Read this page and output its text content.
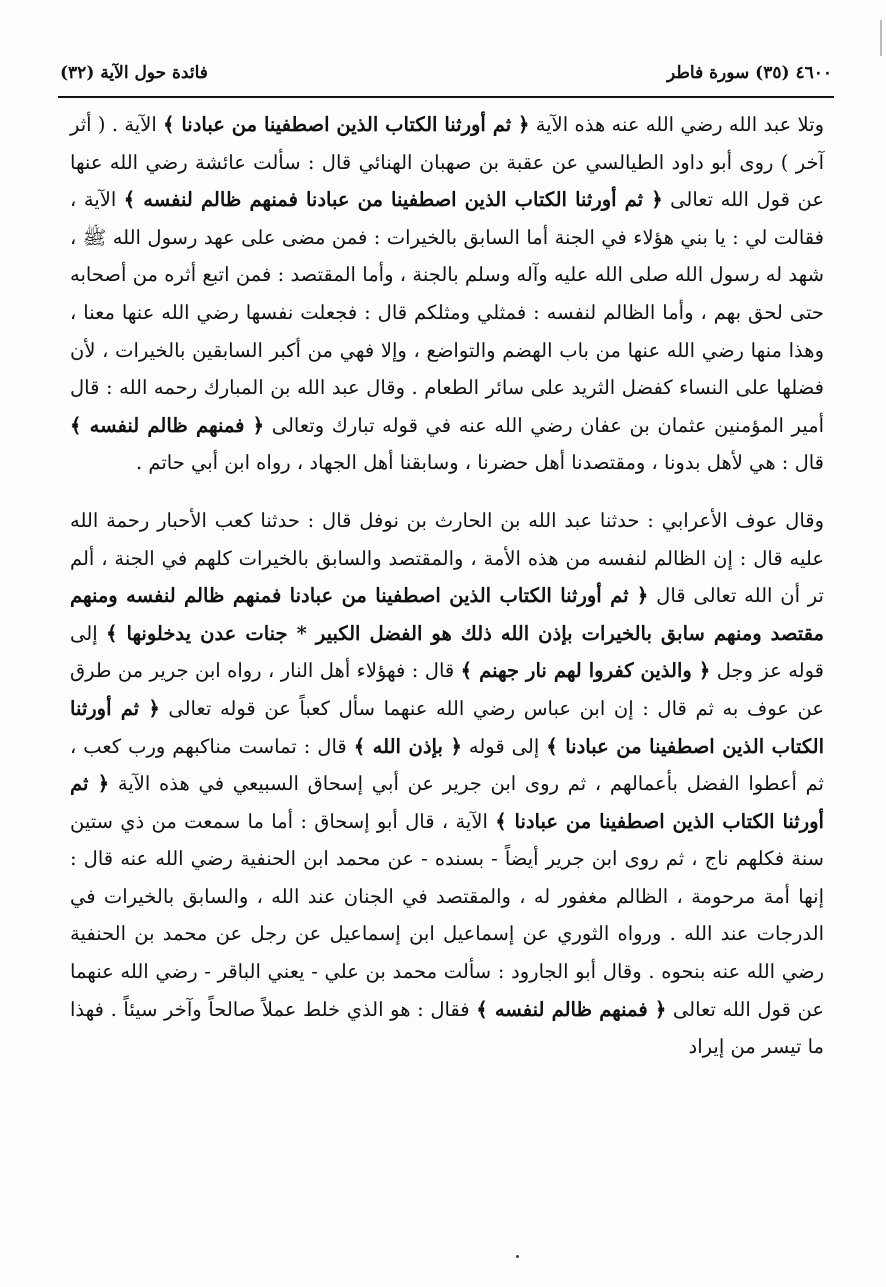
٤٦٠٠ (٣٥) سورة فاطر
فائدة حول الآية (٣٢)

وتلا عبد الله رضي الله عنه هذه الآية ﴿ ثم أورثنا الكتاب الذين اصطفينا من عبادنا ﴾ الآية . ( أثر آخر ) روى أبو داود الطيالسي عن عقبة بن صهبان الهنائي قال : سألت عائشة رضي الله عنها عن قول الله تعالى ﴿ ثم أورثنا الكتاب الذين اصطفينا من عبادنا فمنهم ظالم لنفسه ﴾ الآية ، فقالت لي : يا بني هؤلاء في الجنة أما السابق بالخيرات : فمن مضى على عهد رسول الله ﷺ ، شهد له رسول الله صلى الله عليه وآله وسلم بالجنة ، وأما المقتصد : فمن اتبع أثره من أصحابه حتى لحق بهم ، وأما الظالم لنفسه : فمثلي ومثلكم قال : فجعلت نفسها رضي الله عنها معنا ، وهذا منها رضي الله عنها من باب الهضم والتواضع ، وإلا فهي من أكبر السابقين بالخيرات ، لأن فضلها على النساء كفضل الثريد على سائر الطعام . وقال عبد الله بن المبارك رحمه الله : قال أمير المؤمنين عثمان بن عفان رضي الله عنه في قوله تبارك وتعالى ﴿ فمنهم ظالم لنفسه ﴾ قال : هي لأهل بدونا ، ومقتصدنا أهل حضرنا ، وسابقنا أهل الجهاد ، رواه ابن أبي حاتم .

وقال عوف الأعرابي : حدثنا عبد الله بن الحارث بن نوفل قال : حدثنا كعب الأحبار رحمة الله عليه قال : إن الظالم لنفسه من هذه الأمة ، والمقتصد والسابق بالخيرات كلهم في الجنة ، ألم تر أن الله تعالى قال ﴿ ثم أورثنا الكتاب الذين اصطفينا من عبادنا فمنهم ظالم لنفسه ومنهم مقتصد ومنهم سابق بالخيرات بإذن الله ذلك هو الفضل الكبير * جنات عدن يدخلونها ﴾ إلى قوله عز وجل ﴿ والذين كفروا لهم نار جهنم ﴾ قال : فهؤلاء أهل النار ، رواه ابن جرير من طرق عن عوف به ثم قال : إن ابن عباس رضي الله عنهما سأل كعباً عن قوله تعالى ﴿ ثم أورثنا الكتاب الذين اصطفينا من عبادنا ﴾ إلى قوله ﴿ بإذن الله ﴾ قال : تماست مناكبهم ورب كعب ، ثم أعطوا الفضل بأعمالهم ، ثم روى ابن جرير عن أبي إسحاق السبيعي في هذه الآية ﴿ ثم أورثنا الكتاب الذين اصطفينا من عبادنا ﴾ الآية ، قال أبو إسحاق : أما ما سمعت من ذي ستين سنة فكلهم ناج ، ثم روى ابن جرير أيضاً - بسنده - عن محمد ابن الحنفية رضي الله عنه قال : إنها أمة مرحومة ، الظالم مغفور له ، والمقتصد في الجنان عند الله ، والسابق بالخيرات في الدرجات عند الله . ورواه الثوري عن إسماعيل ابن إسماعيل عن رجل عن محمد بن الحنفية رضي الله عنه بنحوه . وقال أبو الجارود : سألت محمد بن علي - يعني الباقر - رضي الله عنهما عن قول الله تعالى ﴿ فمنهم ظالم لنفسه ﴾ فقال : هو الذي خلط عملاً صالحاً وآخر سيئاً . فهذا ما تيسر من إيراد
